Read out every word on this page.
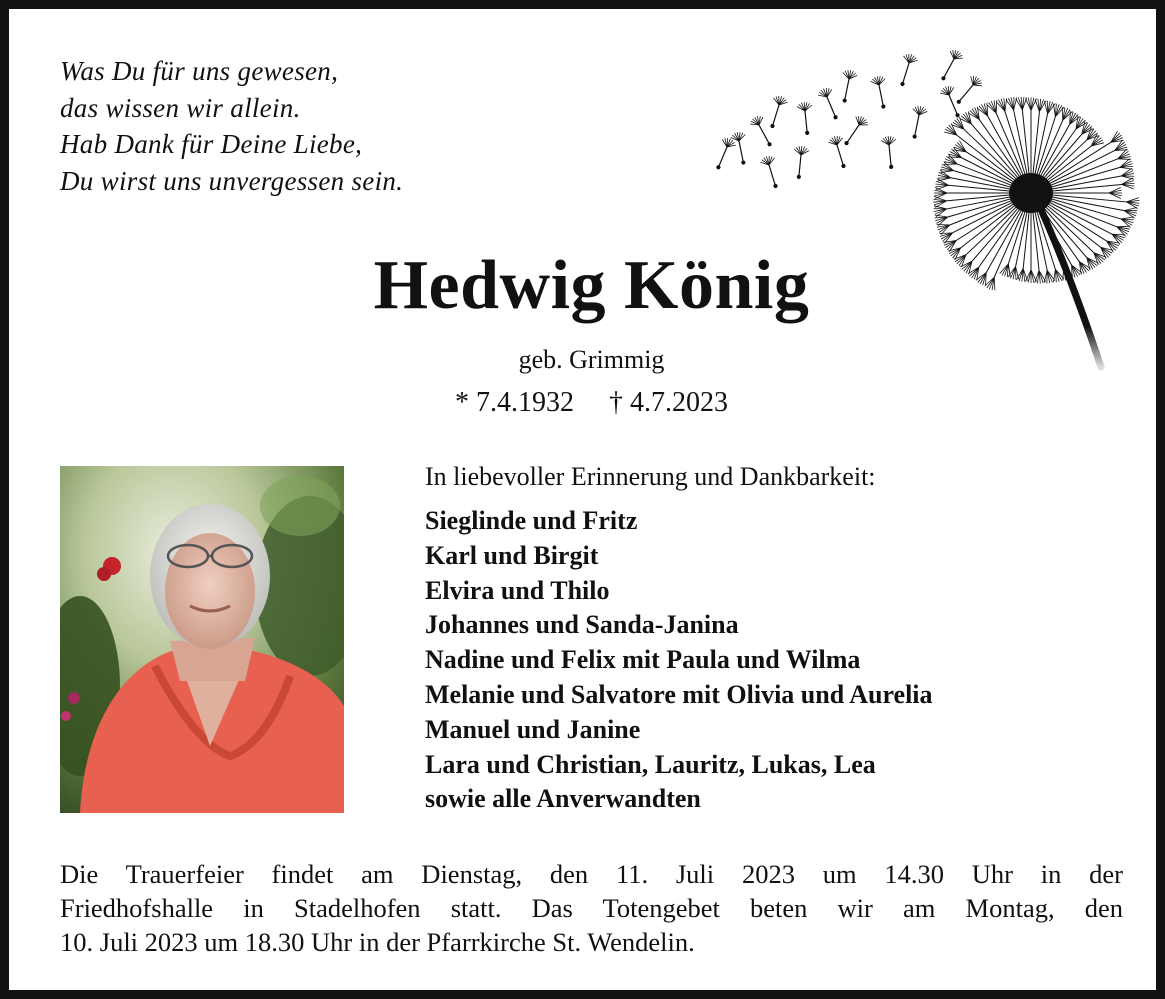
Was Du für uns gewesen,
das wissen wir allein.
Hab Dank für Deine Liebe,
Du wirst uns unvergessen sein.
Hedwig König
geb. Grimmig
* 7.4.1932     † 4.7.2023
In liebevoller Erinnerung und Dankbarkeit:
Sieglinde und Fritz
Karl und Birgit
Elvira und Thilo
Johannes und Sanda-Janina
Nadine und Felix mit Paula und Wilma
Melanie und Salvatore mit Olivia und Aurelia
Manuel und Janine
Lara und Christian, Lauritz, Lukas, Lea
sowie alle Anverwandten
Die Trauerfeier findet am Dienstag, den 11. Juli 2023 um 14.30 Uhr in der
Friedhofshalle in Stadelhofen statt. Das Totengebet beten wir am Montag, den
10. Juli 2023 um 18.30 Uhr in der Pfarrkirche St. Wendelin.
